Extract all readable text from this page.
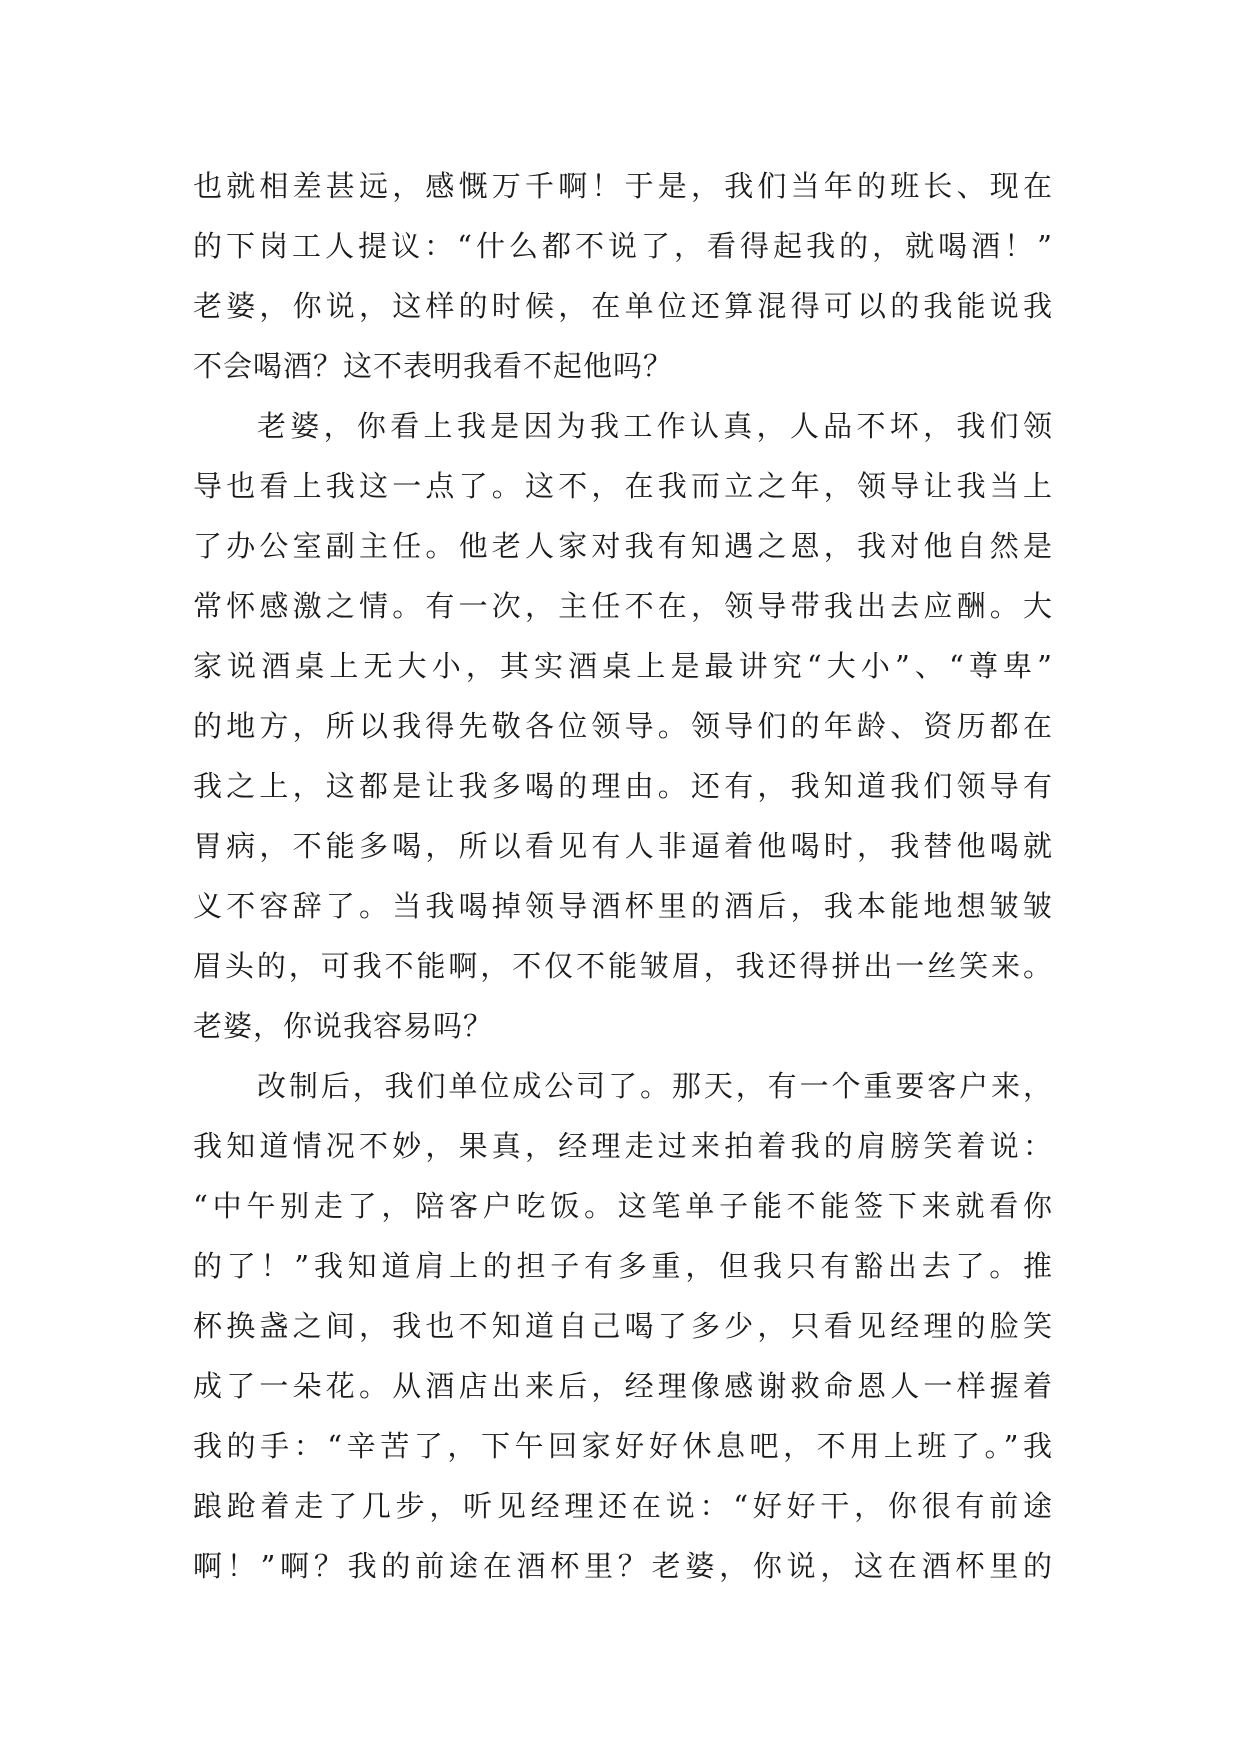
也就相差甚远，感慨万千啊！于是，我们当年的班长、现在
的下岗工人提议：“什么都不说了，看得起我的，就喝酒！”
老婆，你说，这样的时候，在单位还算混得可以的我能说我
不会喝酒？这不表明我看不起他吗？
老婆，你看上我是因为我工作认真，人品不坏，我们领
导也看上我这一点了。这不，在我而立之年，领导让我当上
了办公室副主任。他老人家对我有知遇之恩，我对他自然是
常怀感激之情。有一次，主任不在，领导带我出去应酬。大
家说酒桌上无大小，其实酒桌上是最讲究“大小”、“尊卑”
的地方，所以我得先敬各位领导。领导们的年龄、资历都在
我之上，这都是让我多喝的理由。还有，我知道我们领导有
胃病，不能多喝，所以看见有人非逼着他喝时，我替他喝就
义不容辞了。当我喝掉领导酒杯里的酒后，我本能地想皱皱
眉头的，可我不能啊，不仅不能皱眉，我还得拼出一丝笑来。
老婆，你说我容易吗？
改制后，我们单位成公司了。那天，有一个重要客户来，
我知道情况不妙，果真，经理走过来拍着我的肩膀笑着说：
“中午别走了，陪客户吃饭。这笔单子能不能签下来就看你
的了！”我知道肩上的担子有多重，但我只有豁出去了。推
杯换盏之间，我也不知道自己喝了多少，只看见经理的脸笑
成了一朵花。从酒店出来后，经理像感谢救命恩人一样握着
我的手：“辛苦了，下午回家好好休息吧，不用上班了。”我
踉跄着走了几步，听见经理还在说：“好好干，你很有前途
啊！”啊？我的前途在酒杯里？老婆，你说，这在酒杯里的
